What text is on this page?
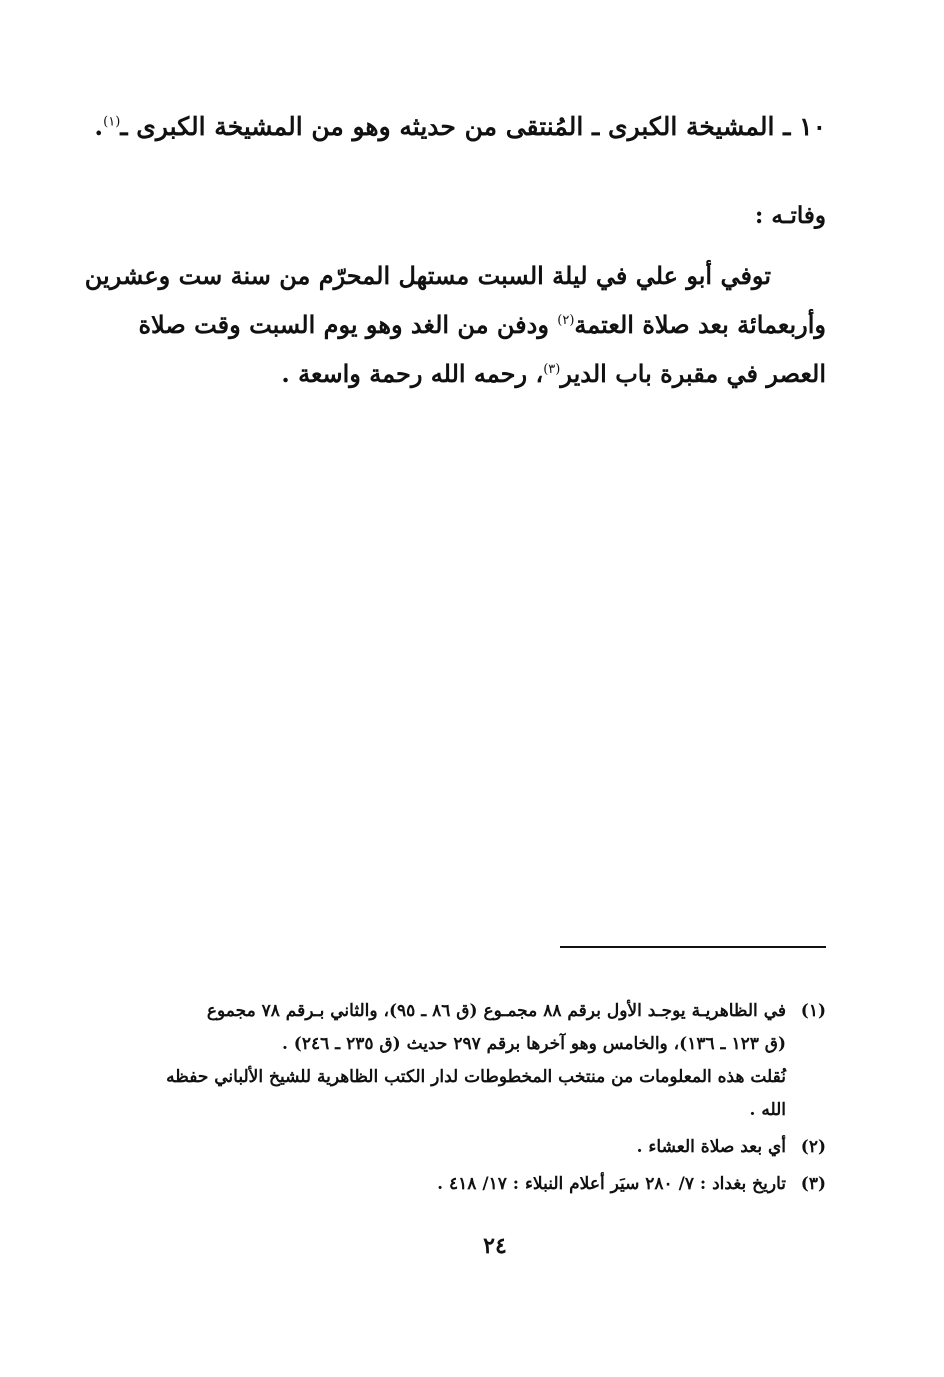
١٠ ـ المشيخة الكبرى ـ المُنتقى من حديثه وهو من المشيخة الكبرى ـ$^{(١)}$.
وفاتـه :
توفي أبو علي في ليلة السبت مستهل المحرّم من سنة ست وعشرين
وأربعمائة بعد صلاة العتمة$^{(٢)}$ ودفن من الغد وهو يوم السبت وقت صلاة
العصر في مقبرة باب الدير$^{(٣)}$، رحمه الله رحمة واسعة .
(١)
في الظاهريـة يوجـد الأول برقم ٨٨ مجمـوع (ق ٨٦ ـ ٩٥)، والثاني بـرقم ٧٨ مجموع
(ق ١٢٣ ـ ١٣٦)، والخامس وهو آخرها برقم ٢٩٧ حديث (ق ٢٣٥ ـ ٢٤٦) .
نُقلت هذه المعلومات من منتخب المخطوطات لدار الكتب الظاهرية للشيخ الألباني حفظه
الله .
(٢)
أي بعد صلاة العشاء .
(٣)
تاريخ بغداد : ٧/ ٢٨٠ سيَر أعلام النبلاء : ١٧/ ٤١٨ .
٢٤
